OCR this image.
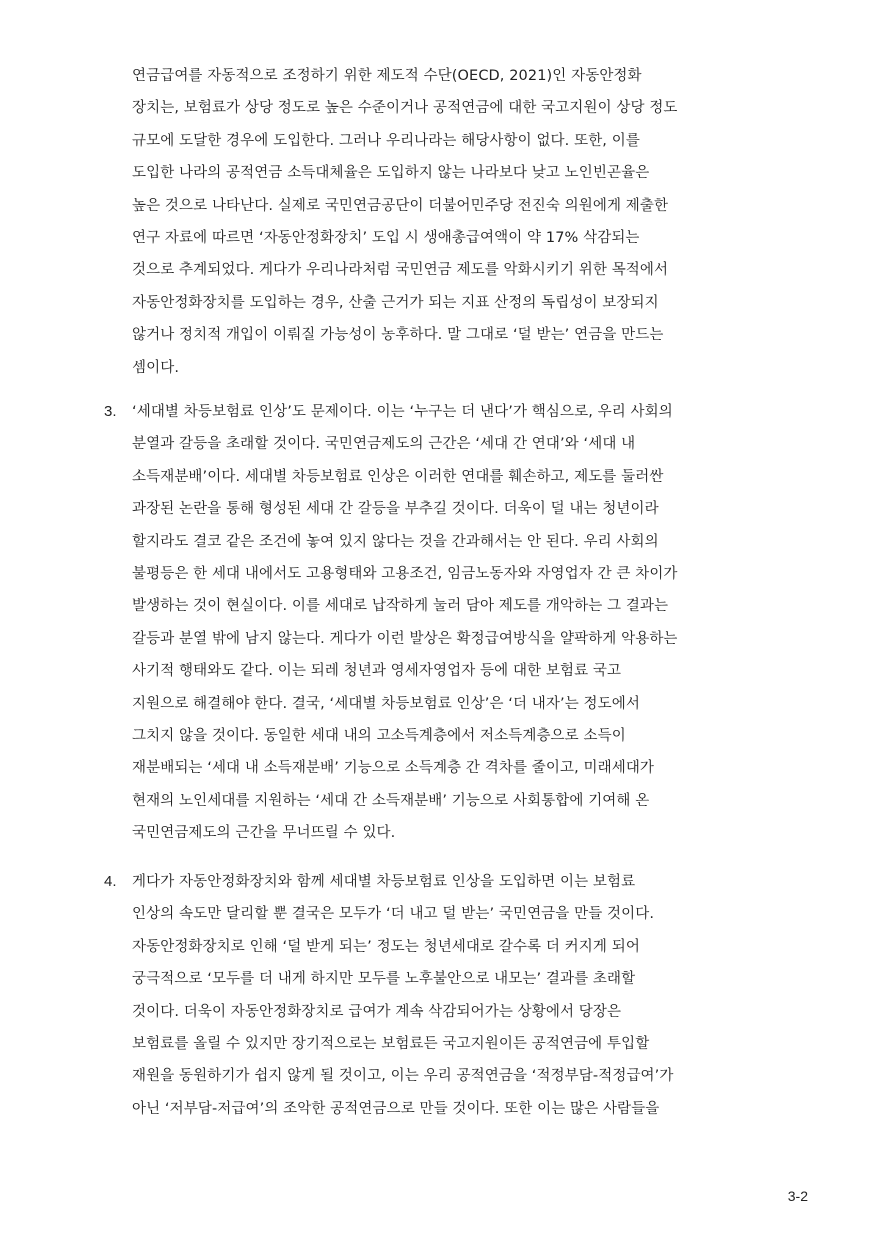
연금급여를 자동적으로 조정하기 위한 제도적 수단(OECD, 2021)인 자동안정화
장치는, 보험료가 상당 정도로 높은 수준이거나 공적연금에 대한 국고지원이 상당 정도
규모에 도달한 경우에 도입한다. 그러나 우리나라는 해당사항이 없다. 또한, 이를
도입한 나라의 공적연금 소득대체율은 도입하지 않는 나라보다 낮고 노인빈곤율은
높은 것으로 나타난다. 실제로 국민연금공단이 더불어민주당 전진숙 의원에게 제출한
연구 자료에 따르면 ‘자동안정화장치’ 도입 시 생애총급여액이 약 17% 삭감되는
것으로 추계되었다. 게다가 우리나라처럼 국민연금 제도를 악화시키기 위한 목적에서
자동안정화장치를 도입하는 경우, 산출 근거가 되는 지표 산정의 독립성이 보장되지
않거나 정치적 개입이 이뤄질 가능성이 농후하다. 말 그대로 ‘덜 받는’ 연금을 만드는
셈이다.
3. ‘세대별 차등보험료 인상’도 문제이다. 이는 ‘누구는 더 낸다’가 핵심으로, 우리 사회의
분열과 갈등을 초래할 것이다. 국민연금제도의 근간은 ‘세대 간 연대’와 ‘세대 내
소득재분배’이다. 세대별 차등보험료 인상은 이러한 연대를 훼손하고, 제도를 둘러싼
과장된 논란을 통해 형성된 세대 간 갈등을 부추길 것이다. 더욱이 덜 내는 청년이라
할지라도 결코 같은 조건에 놓여 있지 않다는 것을 간과해서는 안 된다. 우리 사회의
불평등은 한 세대 내에서도 고용형태와 고용조건, 임금노동자와 자영업자 간 큰 차이가
발생하는 것이 현실이다. 이를 세대로 납작하게 눌러 담아 제도를 개악하는 그 결과는
갈등과 분열 밖에 남지 않는다. 게다가 이런 발상은 확정급여방식을 얄팍하게 악용하는
사기적 행태와도 같다. 이는 되레 청년과 영세자영업자 등에 대한 보험료 국고
지원으로 해결해야 한다. 결국, ‘세대별 차등보험료 인상’은 ‘더 내자’는 정도에서
그치지 않을 것이다. 동일한 세대 내의 고소득계층에서 저소득계층으로 소득이
재분배되는 ‘세대 내 소득재분배’ 기능으로 소득계층 간 격차를 줄이고, 미래세대가
현재의 노인세대를 지원하는 ‘세대 간 소득재분배’ 기능으로 사회통합에 기여해 온
국민연금제도의 근간을 무너뜨릴 수 있다.
4. 게다가 자동안정화장치와 함께 세대별 차등보험료 인상을 도입하면 이는 보험료
인상의 속도만 달리할 뿐 결국은 모두가 ‘더 내고 덜 받는’ 국민연금을 만들 것이다.
자동안정화장치로 인해 ‘덜 받게 되는’ 정도는 청년세대로 갈수록 더 커지게 되어
궁극적으로 ‘모두를 더 내게 하지만 모두를 노후불안으로 내모는’ 결과를 초래할
것이다. 더욱이 자동안정화장치로 급여가 계속 삭감되어가는 상황에서 당장은
보험료를 올릴 수 있지만 장기적으로는 보험료든 국고지원이든 공적연금에 투입할
재원을 동원하기가 쉽지 않게 될 것이고, 이는 우리 공적연금을 ‘적정부담-적정급여’가
아닌 ‘저부담-저급여’의 조악한 공적연금으로 만들 것이다. 또한 이는 많은 사람들을
3-2
